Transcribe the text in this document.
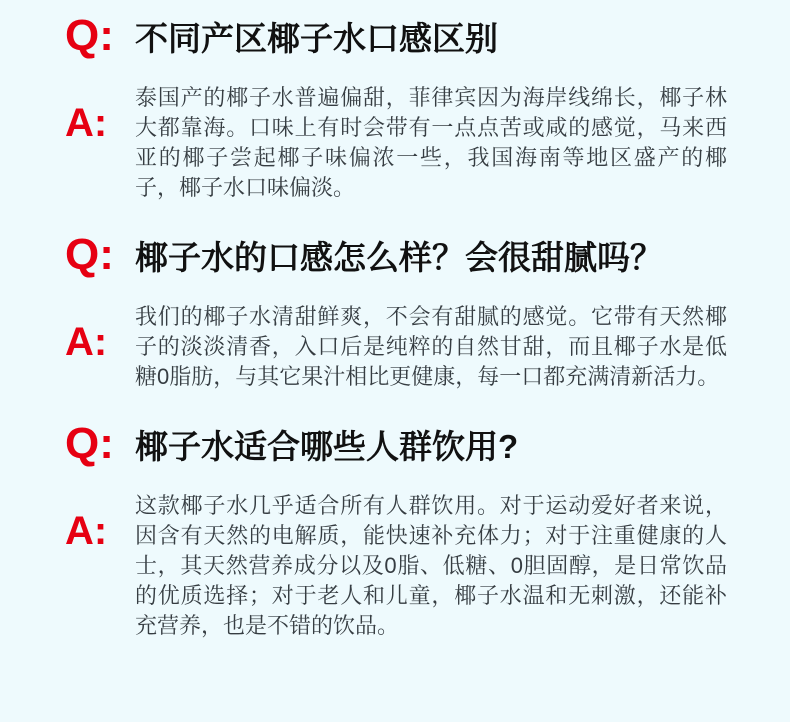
Q: 不同产区椰子水口感区别
A:

泰国产的椰子水普遍偏甜，菲律宾因为海岸线绵长，椰子林大都靠海。口味上有时会带有一点点苦或咸的感觉，马来西亚的椰子尝起椰子味偏浓一些，我国海南等地区盛产的椰子，椰子水口味偏淡。

Q: 椰子水的口感怎么样？会很甜腻吗？
A:

我们的椰子水清甜鲜爽，不会有甜腻的感觉。它带有天然椰子的淡淡清香，入口后是纯粹的自然甘甜，而且椰子水是低糖0脂肪，与其它果汁相比更健康，每一口都充满清新活力。

Q: 椰子水适合哪些人群饮用?
A:

这款椰子水几乎适合所有人群饮用。对于运动爱好者来说，因含有天然的电解质，能快速补充体力；对于注重健康的人士，其天然营养成分以及0脂、低糖、0胆固醇，是日常饮品的优质选择；对于老人和儿童，椰子水温和无刺激，还能补充营养，也是不错的饮品。
